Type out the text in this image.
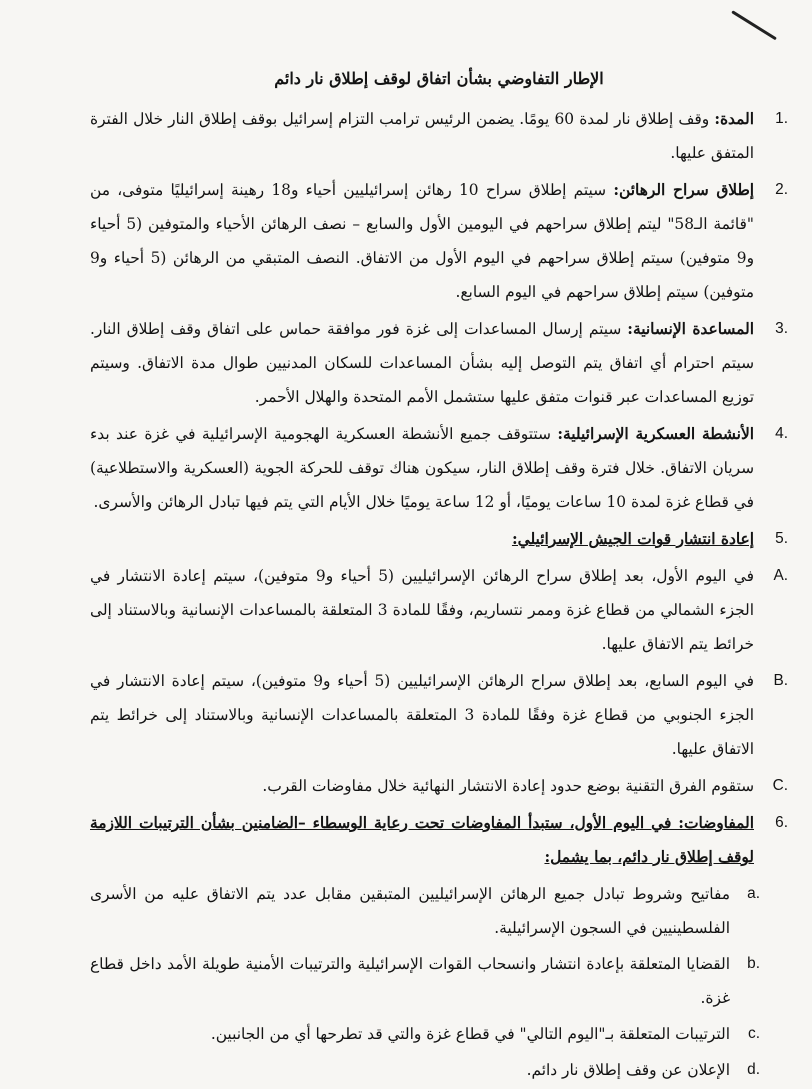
الإطار التفاوضي بشأن اتفاق لوقف إطلاق نار دائم
1.
المدة: وقف إطلاق نار لمدة 60 يومًا. يضمن الرئيس ترامب التزام إسرائيل بوقف إطلاق النار خلال الفترة المتفق عليها.
2.
إطلاق سراح الرهائن: سيتم إطلاق سراح 10 رهائن إسرائيليين أحياء و18 رهينة إسرائيليًا متوفى، من "قائمة الـ58" ليتم إطلاق سراحهم في اليومين الأول والسابع – نصف الرهائن الأحياء والمتوفين (5 أحياء و9 متوفين) سيتم إطلاق سراحهم في اليوم الأول من الاتفاق. النصف المتبقي من الرهائن (5 أحياء و9 متوفين) سيتم إطلاق سراحهم في اليوم السابع.
3.
المساعدة الإنسانية: سيتم إرسال المساعدات إلى غزة فور موافقة حماس على اتفاق وقف إطلاق النار. سيتم احترام أي اتفاق يتم التوصل إليه بشأن المساعدات للسكان المدنيين طوال مدة الاتفاق. وسيتم توزيع المساعدات عبر قنوات متفق عليها ستشمل الأمم المتحدة والهلال الأحمر.
4.
الأنشطة العسكرية الإسرائيلية: ستتوقف جميع الأنشطة العسكرية الهجومية الإسرائيلية في غزة عند بدء سريان الاتفاق. خلال فترة وقف إطلاق النار، سيكون هناك توقف للحركة الجوية (العسكرية والاستطلاعية) في قطاع غزة لمدة 10 ساعات يوميًا، أو 12 ساعة يوميًا خلال الأيام التي يتم فيها تبادل الرهائن والأسرى.
5.
إعادة انتشار قوات الجيش الإسرائيلي:
A.
في اليوم الأول، بعد إطلاق سراح الرهائن الإسرائيليين (5 أحياء و9 متوفين)، سيتم إعادة الانتشار في الجزء الشمالي من قطاع غزة وممر نتساريم، وفقًا للمادة 3 المتعلقة بالمساعدات الإنسانية وبالاستناد إلى خرائط يتم الاتفاق عليها.
B.
في اليوم السابع، بعد إطلاق سراح الرهائن الإسرائيليين (5 أحياء و9 متوفين)، سيتم إعادة الانتشار في الجزء الجنوبي من قطاع غزة وفقًا للمادة 3 المتعلقة بالمساعدات الإنسانية وبالاستناد إلى خرائط يتم الاتفاق عليها.
C.
ستقوم الفرق التقنية بوضع حدود إعادة الانتشار النهائية خلال مفاوضات القرب.
6.
المفاوضات: في اليوم الأول، ستبدأ المفاوضات تحت رعاية الوسطاء –الضامنين بشأن الترتيبات اللازمة لوقف إطلاق نار دائم، بما يشمل:
a.
مفاتيح وشروط تبادل جميع الرهائن الإسرائيليين المتبقين مقابل عدد يتم الاتفاق عليه من الأسرى الفلسطينيين في السجون الإسرائيلية.
b.
القضايا المتعلقة بإعادة انتشار وانسحاب القوات الإسرائيلية والترتيبات الأمنية طويلة الأمد داخل قطاع غزة.
c.
الترتيبات المتعلقة بـ"اليوم التالي" في قطاع غزة والتي قد تطرحها أي من الجانبين.
d.
الإعلان عن وقف إطلاق نار دائم.
